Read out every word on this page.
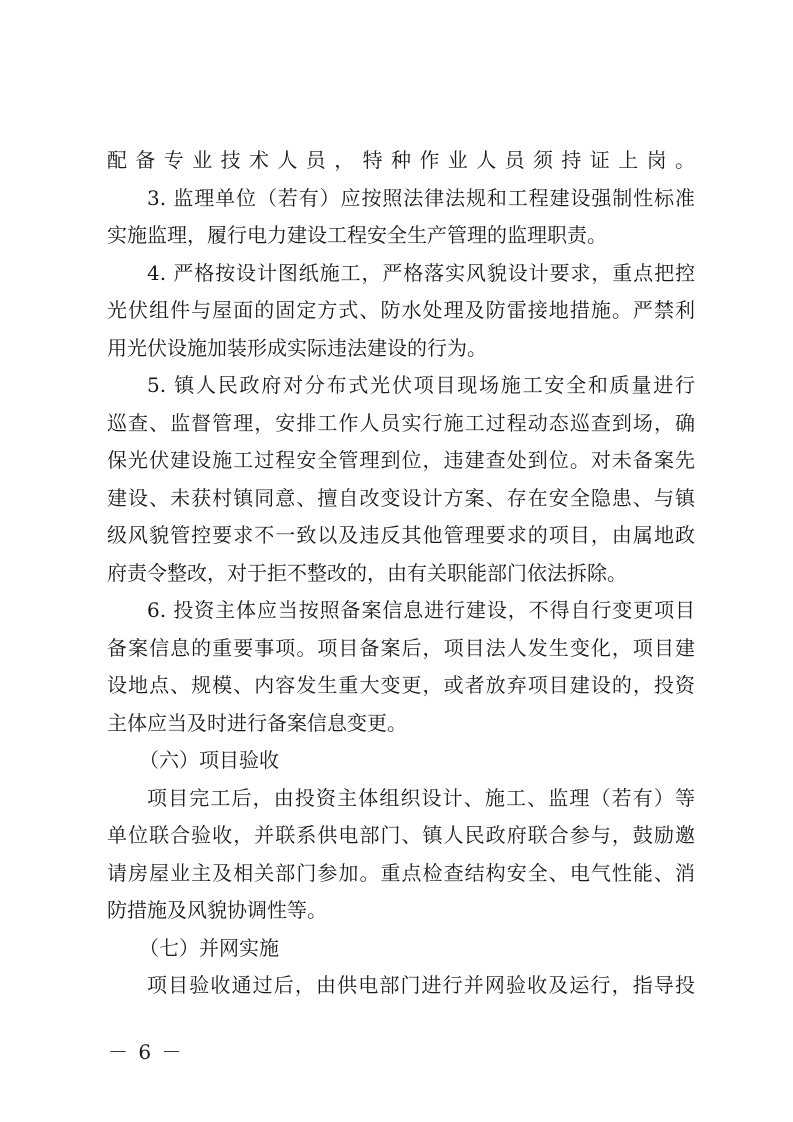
配备专业技术人员，特种作业人员须持证上岗。
3. 监理单位（若有）应按照法律法规和工程建设强制性标准
实施监理，履行电力建设工程安全生产管理的监理职责。
4. 严格按设计图纸施工，严格落实风貌设计要求，重点把控
光伏组件与屋面的固定方式、防水处理及防雷接地措施。严禁利
用光伏设施加装形成实际违法建设的行为。
5. 镇人民政府对分布式光伏项目现场施工安全和质量进行
巡查、监督管理，安排工作人员实行施工过程动态巡查到场，确
保光伏建设施工过程安全管理到位，违建查处到位。对未备案先
建设、未获村镇同意、擅自改变设计方案、存在安全隐患、与镇
级风貌管控要求不一致以及违反其他管理要求的项目，由属地政
府责令整改，对于拒不整改的，由有关职能部门依法拆除。
6. 投资主体应当按照备案信息进行建设，不得自行变更项目
备案信息的重要事项。项目备案后，项目法人发生变化，项目建
设地点、规模、内容发生重大变更，或者放弃项目建设的，投资
主体应当及时进行备案信息变更。
（六）项目验收
项目完工后，由投资主体组织设计、施工、监理（若有）等
单位联合验收，并联系供电部门、镇人民政府联合参与，鼓励邀
请房屋业主及相关部门参加。重点检查结构安全、电气性能、消
防措施及风貌协调性等。
（七）并网实施
项目验收通过后，由供电部门进行并网验收及运行，指导投
－ 6 －
